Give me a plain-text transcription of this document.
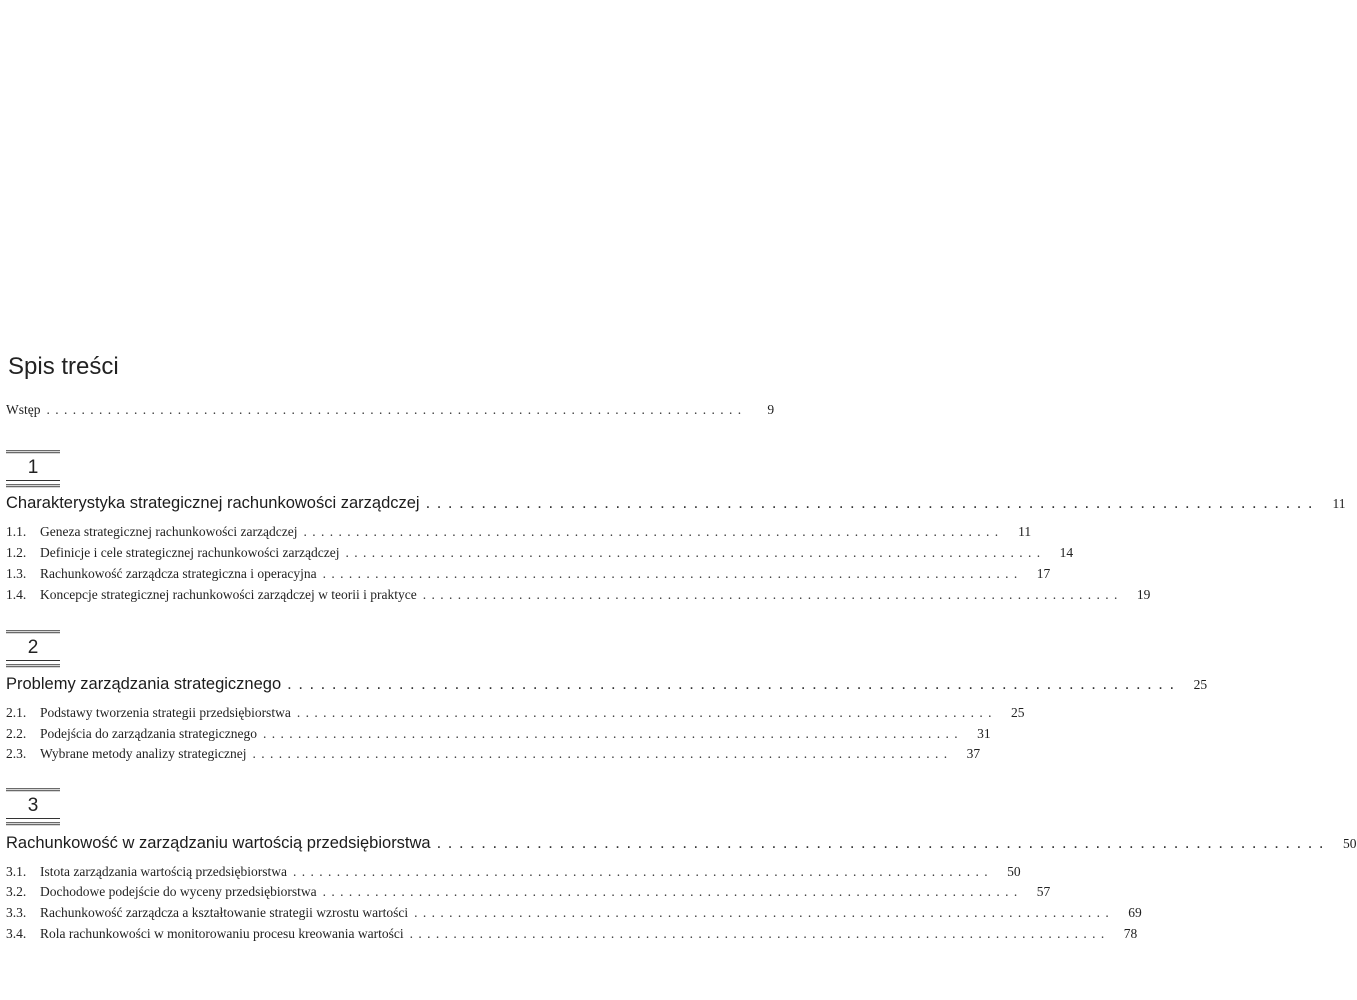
Spis treści
Wstęp . . . . . . . . . . . . . . . . . . . . . . . . . . . . . . . . . . . . . . . . . . . . . . . . . . . . . . . . . . . . . . . . . . . . . . . . . . . . . . . .	9
1
Charakterystyka strategicznej rachunkowości zarządczej . . . . . . . . . . . . . . . . . . . . . . . . . . . . . . . . . . . . . . . . . . . . . . . . . . . . . . . . . . . . . . . . . . . . . . . . . . . . . . . .	11
1.1.	Geneza strategicznej rachunkowości zarządczej . . . . . . . . . . . . . . . . . . . . . . . . . . . . . . . . . . . . . . . . . . . . . . . . . . . . . . . . . . . . . . . . . . . . . . . . . . . . . . . .	11
1.2.	Definicje i cele strategicznej rachunkowości zarządczej . . . . . . . . . . . . . . . . . . . . . . . . . . . . . . . . . . . . . . . . . . . . . . . . . . . . . . . . . . . . . . . . . . . . . . . . . . . . . . . .	14
1.3.	Rachunkowość zarządcza strategiczna i operacyjna . . . . . . . . . . . . . . . . . . . . . . . . . . . . . . . . . . . . . . . . . . . . . . . . . . . . . . . . . . . . . . . . . . . . . . . . . . . . . . . .	17
1.4.	Koncepcje strategicznej rachunkowości zarządczej w teorii i praktyce . . . . . . . . . . . . . . . . . . . . . . . . . . . . . . . . . . . . . . . . . . . . . . . . . . . . . . . . . . . . . . . . . . . . . . . . . . . . . . . .	19
2
Problemy zarządzania strategicznego . . . . . . . . . . . . . . . . . . . . . . . . . . . . . . . . . . . . . . . . . . . . . . . . . . . . . . . . . . . . . . . . . . . . . . . . . . . . . . . .	25
2.1.	Podstawy tworzenia strategii przedsiębiorstwa . . . . . . . . . . . . . . . . . . . . . . . . . . . . . . . . . . . . . . . . . . . . . . . . . . . . . . . . . . . . . . . . . . . . . . . . . . . . . . . .	25
2.2.	Podejścia do zarządzania strategicznego . . . . . . . . . . . . . . . . . . . . . . . . . . . . . . . . . . . . . . . . . . . . . . . . . . . . . . . . . . . . . . . . . . . . . . . . . . . . . . . .	31
2.3.	Wybrane metody analizy strategicznej . . . . . . . . . . . . . . . . . . . . . . . . . . . . . . . . . . . . . . . . . . . . . . . . . . . . . . . . . . . . . . . . . . . . . . . . . . . . . . . .	37
3
Rachunkowość w zarządzaniu wartością przedsiębiorstwa . . . . . . . . . . . . . . . . . . . . . . . . . . . . . . . . . . . . . . . . . . . . . . . . . . . . . . . . . . . . . . . . . . . . . . . . . . . . . . . .	50
3.1.	Istota zarządzania wartością przedsiębiorstwa . . . . . . . . . . . . . . . . . . . . . . . . . . . . . . . . . . . . . . . . . . . . . . . . . . . . . . . . . . . . . . . . . . . . . . . . . . . . . . . .	50
3.2.	Dochodowe podejście do wyceny przedsiębiorstwa . . . . . . . . . . . . . . . . . . . . . . . . . . . . . . . . . . . . . . . . . . . . . . . . . . . . . . . . . . . . . . . . . . . . . . . . . . . . . . . .	57
3.3.	Rachunkowość zarządcza a kształtowanie strategii wzrostu wartości . . . . . . . . . . . . . . . . . . . . . . . . . . . . . . . . . . . . . . . . . . . . . . . . . . . . . . . . . . . . . . . . . . . . . . . . . . . . . . . .	69
3.4.	Rola rachunkowości w monitorowaniu procesu kreowania wartości . . . . . . . . . . . . . . . . . . . . . . . . . . . . . . . . . . . . . . . . . . . . . . . . . . . . . . . . . . . . . . . . . . . . . . . . . . . . . . . .	78
